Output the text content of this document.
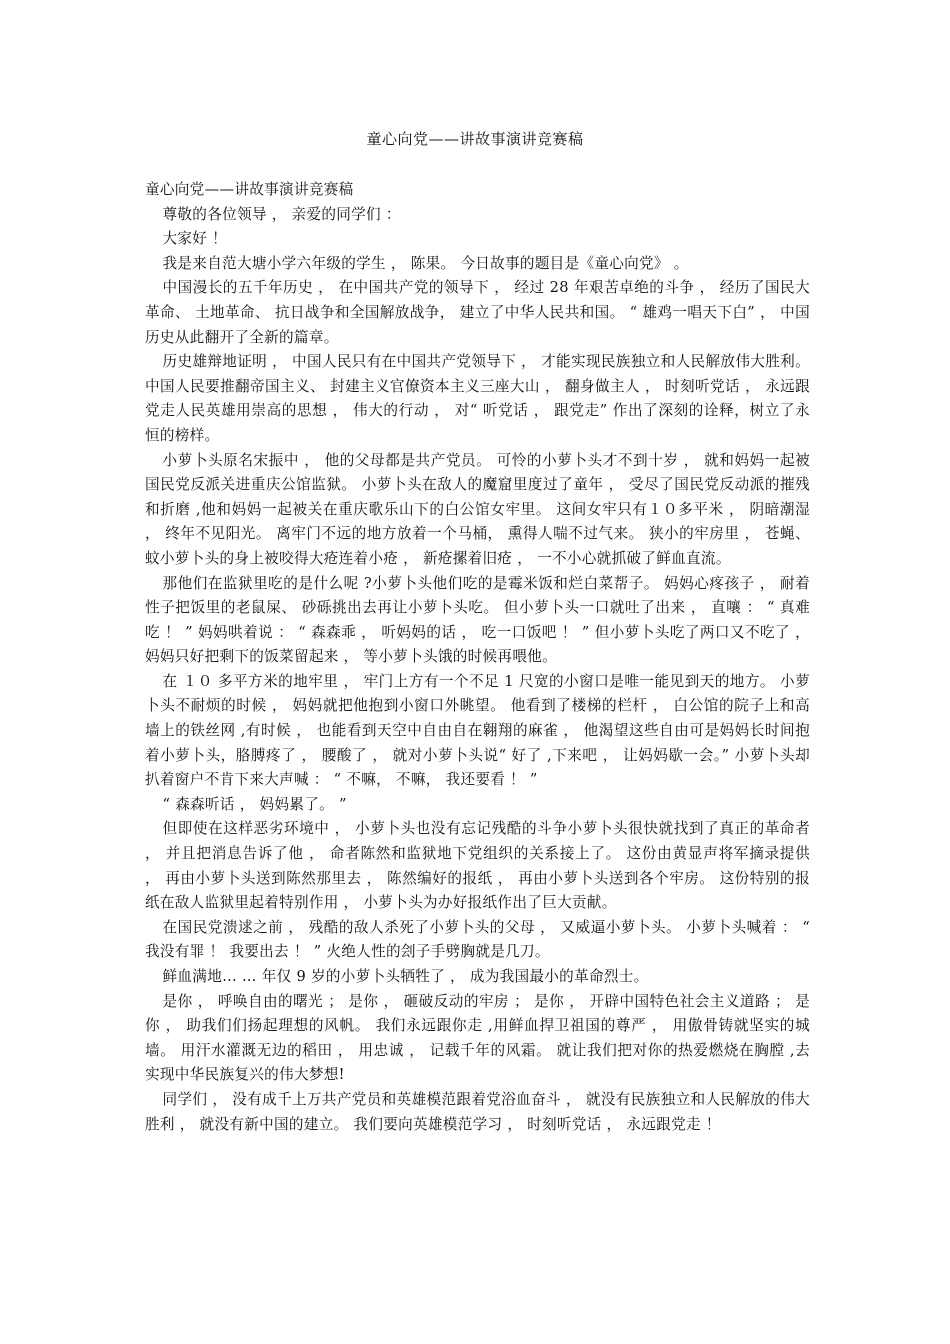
童心向党——讲故事演讲竞赛稿

童心向党——讲故事演讲竞赛稿

尊敬的各位领导 ， 亲爱的同学们 ：

大家好 ！

我是来自范大塘小学六年级的学生 ， 陈果。 今日故事的题目是《童心向党》 。

中国漫长的五千年历史 ， 在中国共产党的领导下 ， 经过 28 年艰苦卓绝的斗争 ， 经历了国民大革命、 土地革命、 抗日战争和全国解放战争， 建立了中华人民共和国。 “ 雄鸡一唱天下白” ， 中国历史从此翻开了全新的篇章。

历史雄辩地证明 ， 中国人民只有在中国共产党领导下 ， 才能实现民族独立和人民解放伟大胜利。 中国人民要推翻帝国主义、 封建主义官僚资本主义三座大山 ， 翻身做主人 ， 时刻听党话 ， 永远跟党走人民英雄用崇高的思想 ， 伟大的行动 ， 对“ 听党话 ， 跟党走” 作出了深刻的诠释，树立了永恒的榜样。

小萝卜头原名宋振中 ， 他的父母都是共产党员。 可怜的小萝卜头才不到十岁 ， 就和妈妈一起被国民党反派关进重庆公馆监狱。 小萝卜头在敌人的魔窟里度过了童年 ， 受尽了国民党反动派的摧残和折磨 ,他和妈妈一起被关在重庆歌乐山下的白公馆女牢里。 这间女牢只有１０多平米 ， 阴暗潮湿 ， 终年不见阳光。 离牢门不远的地方放着一个马桶， 熏得人喘不过气来。 狭小的牢房里 ， 苍蝇、 蚊小萝卜头的身上被咬得大疮连着小疮 ， 新疮摞着旧疮 ， 一不小心就抓破了鲜血直流。

那他们在监狱里吃的是什么呢 ?小萝卜头他们吃的是霉米饭和烂白菜帮子。 妈妈心疼孩子 ， 耐着性子把饭里的老鼠屎、 砂砾挑出去再让小萝卜头吃。 但小萝卜头一口就吐了出来 ， 直嚷 ： “ 真难吃 ！ ” 妈妈哄着说 ： “ 森森乖 ， 听妈妈的话 ， 吃一口饭吧 ！ ” 但小萝卜头吃了两口又不吃了 ， 妈妈只好把剩下的饭菜留起来 ， 等小萝卜头饿的时候再喂他。

在 １０ 多平方米的地牢里 ， 牢门上方有一个不足 1 尺宽的小窗口是唯一能见到天的地方。 小萝卜头不耐烦的时候 ， 妈妈就把他抱到小窗口外眺望。 他看到了楼梯的栏杆 ， 白公馆的院子上和高墙上的铁丝网 ,有时候 ， 也能看到天空中自由自在翱翔的麻雀 ， 他渴望这些自由可是妈妈长时间抱着小萝卜头，胳膊疼了 ， 腰酸了 ， 就对小萝卜头说“ 好了 ,下来吧 ， 让妈妈歇一会。” 小萝卜头却扒着窗户不肯下来大声喊 ： “ 不嘛， 不嘛， 我还要看 ！ ”

“ 森森听话 ， 妈妈累了。 ”

但即使在这样恶劣环境中 ， 小萝卜头也没有忘记残酷的斗争小萝卜头很快就找到了真正的革命者 ， 并且把消息告诉了他 ， 命者陈然和监狱地下党组织的关系接上了。 这份由黄显声将军摘录提供 ， 再由小萝卜头送到陈然那里去 ， 陈然编好的报纸 ， 再由小萝卜头送到各个牢房。 这份特别的报纸在敌人监狱里起着特别作用 ， 小萝卜头为办好报纸作出了巨大贡献。

在国民党溃逑之前 ， 残酷的敌人杀死了小萝卜头的父母 ， 又威逼小萝卜头。 小萝卜头喊着 ： “ 我没有罪 ！ 我要出去 ！ ” 火绝人性的刽子手劈胸就是几刀。

鲜血满地… … 年仅 9 岁的小萝卜头牺牲了 ， 成为我国最小的革命烈士。

是你 ， 呼唤自由的曙光 ； 是你 ， 砸破反动的牢房 ； 是你 ， 开辟中国特色社会主义道路 ； 是你 ， 助我们们扬起理想的风帆。 我们永远跟你走 ,用鲜血捍卫祖国的尊严 ， 用傲骨铸就坚实的城墙。 用汗水灌溉无边的稻田 ， 用忠诚 ， 记载千年的风霜。 就让我们把对你的热爱燃烧在胸膛 ,去实现中华民族复兴的伟大梦想!

同学们 ， 没有成千上万共产党员和英雄模范跟着党浴血奋斗 ， 就没有民族独立和人民解放的伟大胜利 ， 就没有新中国的建立。 我们要向英雄模范学习 ， 时刻听党话 ， 永远跟党走 ！
